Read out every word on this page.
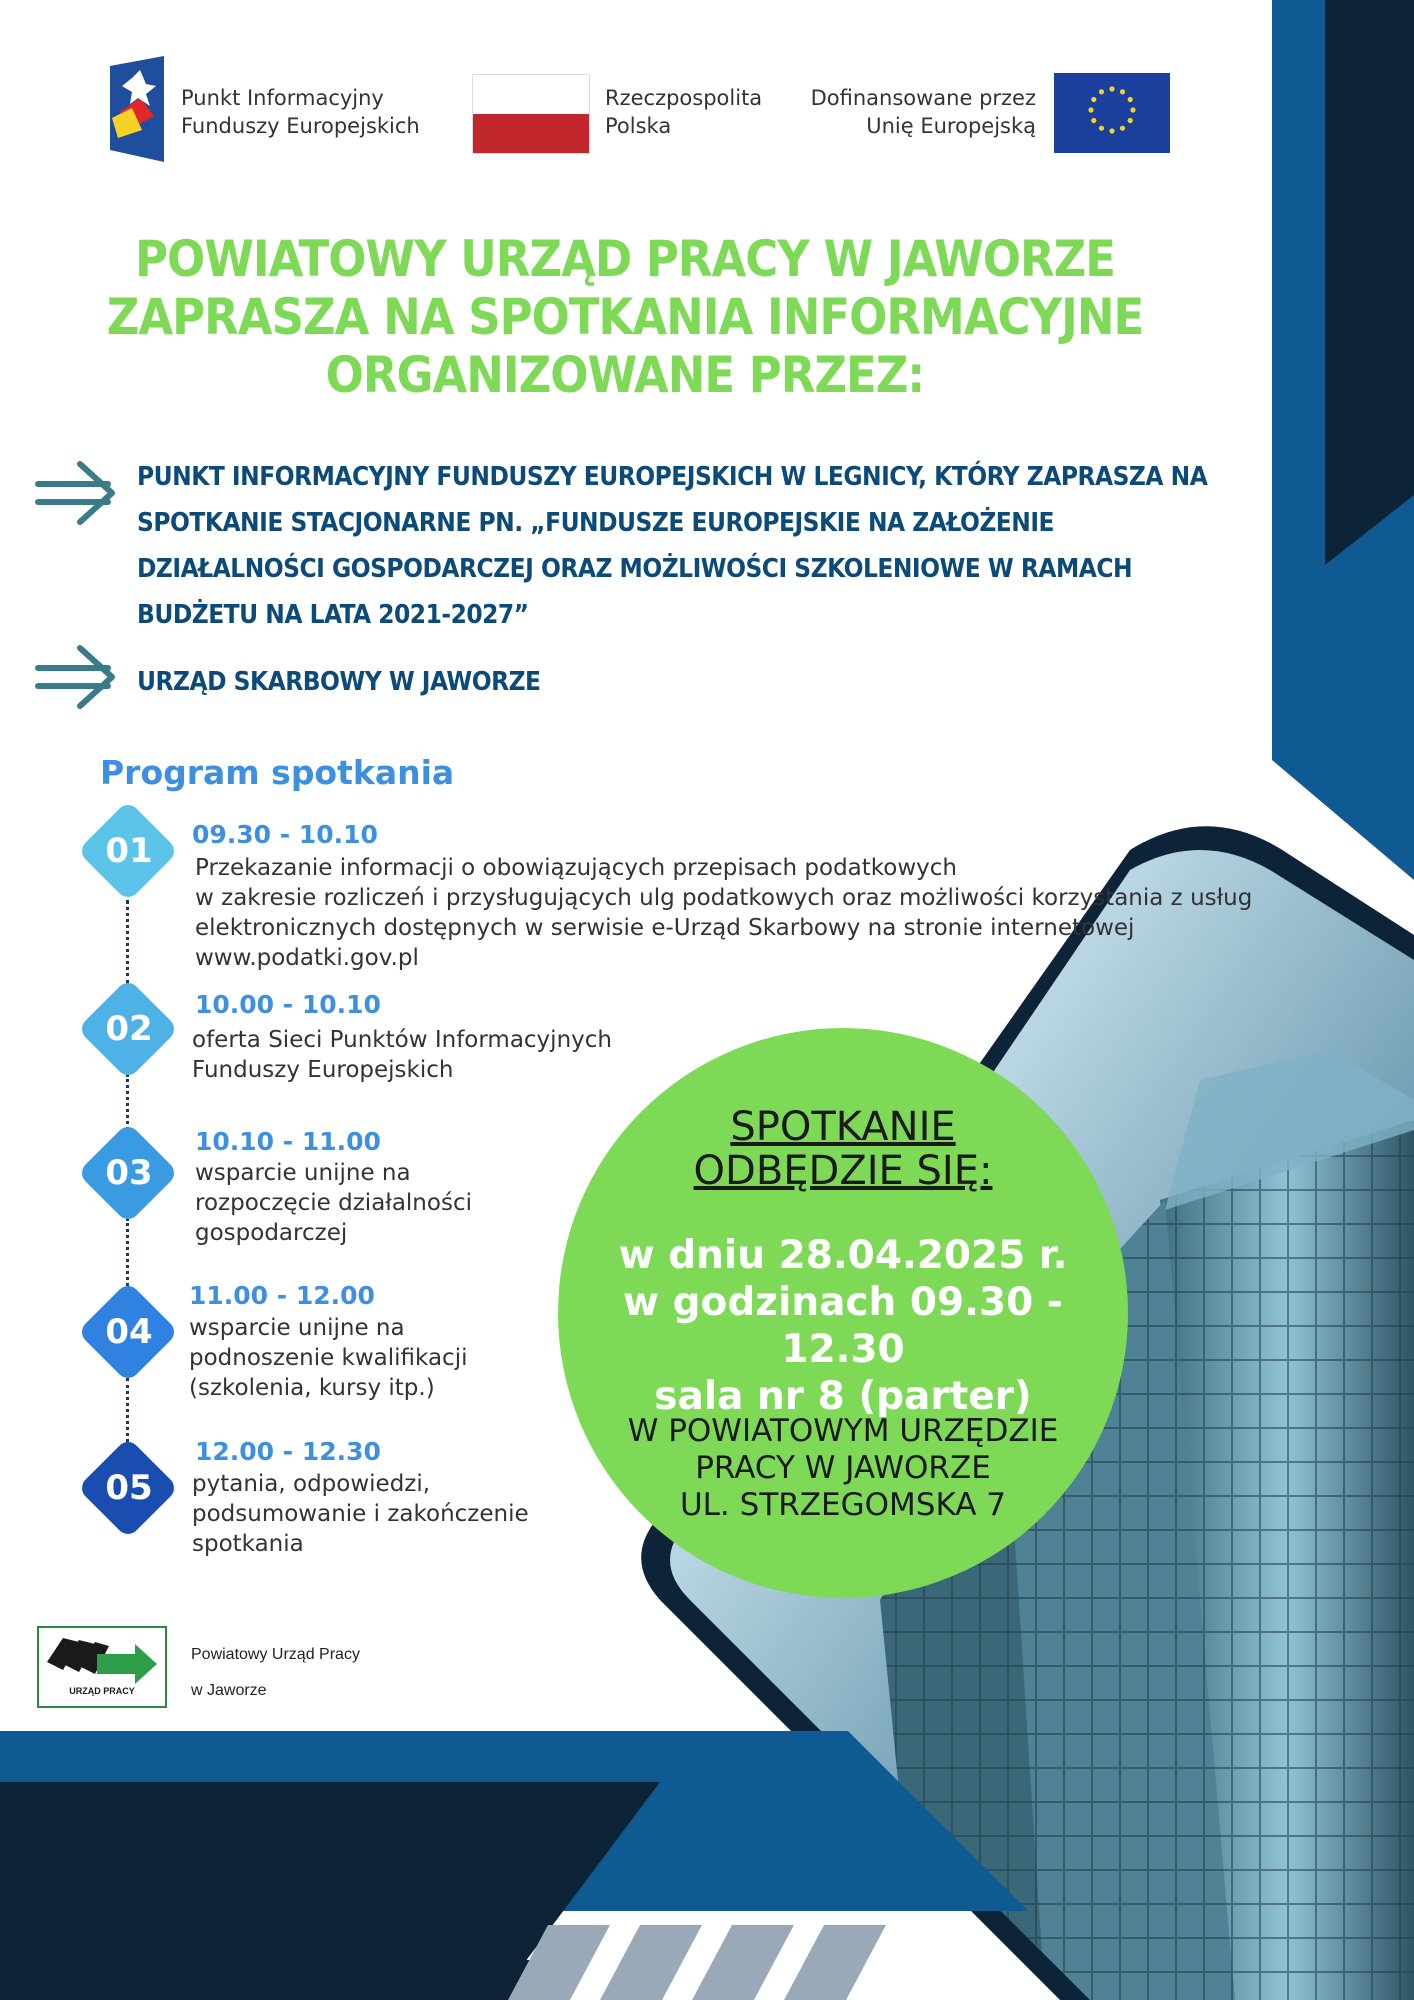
Punkt Informacyjny
Funduszy Europejskich
Rzeczpospolita
Polska
Dofinansowane przez
Unię Europejską
POWIATOWY URZĄD PRACY W JAWORZE
ZAPRASZA NA SPOTKANIA INFORMACYJNE
ORGANIZOWANE PRZEZ:
PUNKT INFORMACYJNY FUNDUSZY EUROPEJSKICH W LEGNICY, KTÓRY ZAPRASZA NA
SPOTKANIE STACJONARNE PN. „FUNDUSZE EUROPEJSKIE NA ZAŁOŻENIE
DZIAŁALNOŚCI GOSPODARCZEJ ORAZ MOŻLIWOŚCI SZKOLENIOWE W RAMACH
BUDŻETU NA LATA 2021-2027”
URZĄD SKARBOWY W JAWORZE
Program spotkania
01	09.30 - 10.10
Przekazanie informacji o obowiązujących przepisach podatkowych
w zakresie rozliczeń i przysługujących ulg podatkowych oraz możliwości korzystania z usług
elektronicznych dostępnych w serwisie e-Urząd Skarbowy na stronie internetowej
www.podatki.gov.pl
02
10.00 - 10.10
oferta Sieci Punktów Informacyjnych
Funduszy Europejskich
03
10.10 - 11.00
wsparcie unijne na
rozpoczęcie działalności
gospodarczej
04
11.00 - 12.00
wsparcie unijne na
podnoszenie kwalifikacji
(szkolenia, kursy itp.)
05
12.00 - 12.30
pytania, odpowiedzi,
podsumowanie i zakończenie
spotkania
SPOTKANIE
ODBĘDZIE SIĘ:
w dniu 28.04.2025 r.
w godzinach 09.30 - 12.30
sala nr 8 (parter)
W POWIATOWYM URZĘDZIE
PRACY W JAWORZE
UL. STRZEGOMSKA 7
URZĄD PRACY
Powiatowy Urząd Pracy
w Jaworze
